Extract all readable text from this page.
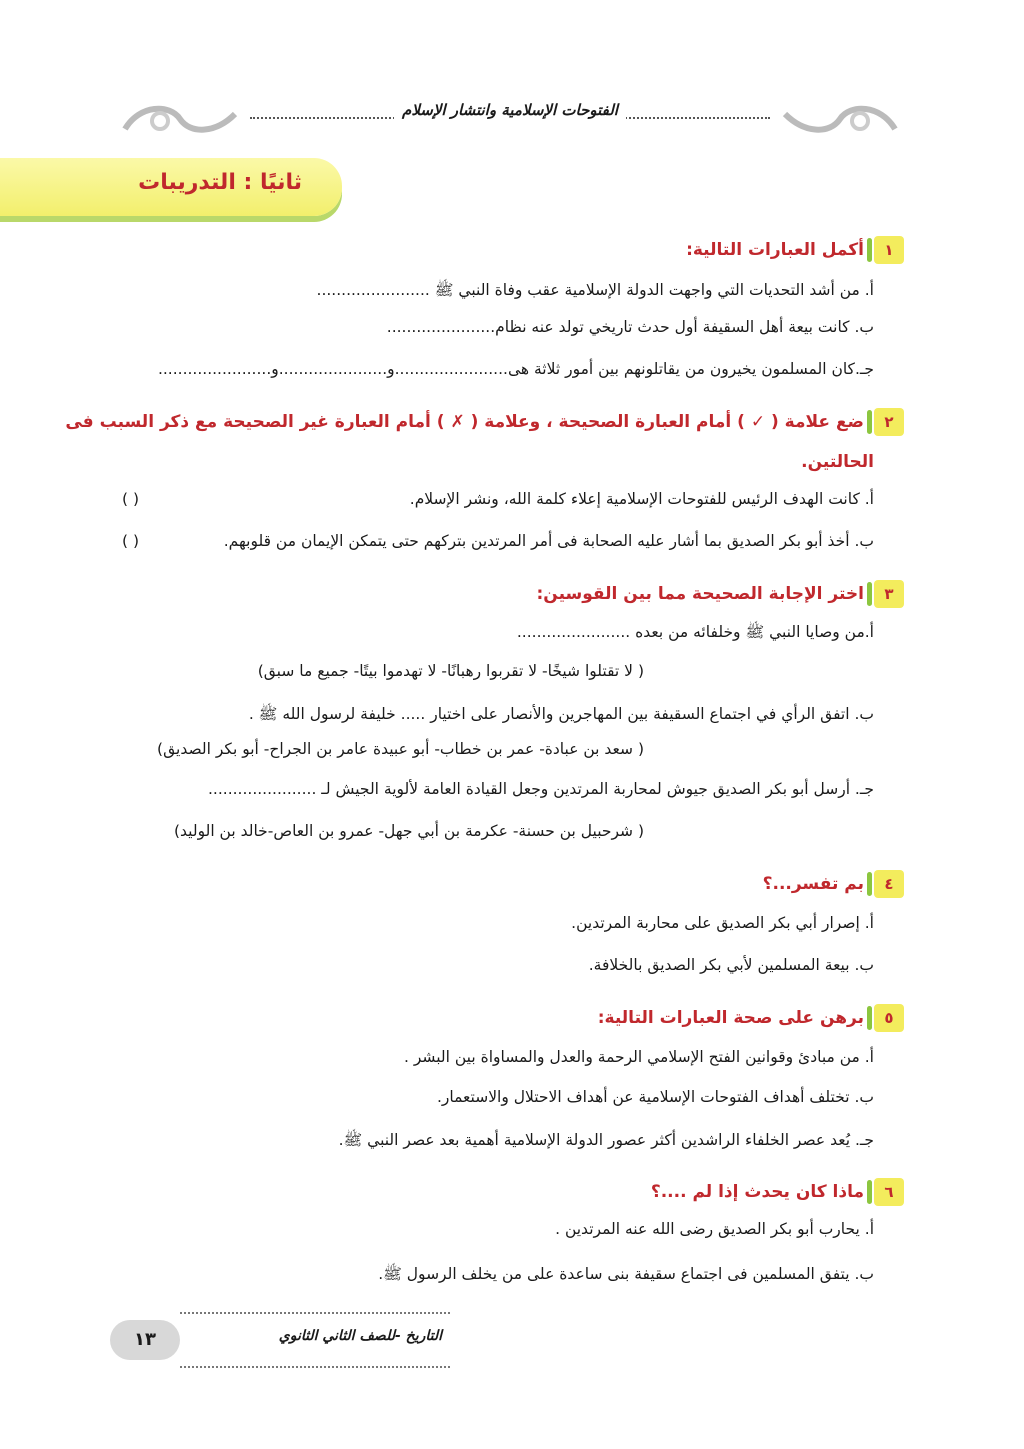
الفتوحات الإسلامية وانتشار الإسلام
ثانيًا : التدريبات
١
أكمل العبارات التالية:
أ. من أشد التحديات التي واجهت الدولة الإسلامية عقب وفاة النبي ﷺ .......................
ب. كانت بيعة أهل السقيفة أول حدث تاريخي تولد عنه نظام......................
جـ.كان المسلمون يخيرون من يقاتلونهم بين أمور ثلاثة هى.......................و......................و.......................
٢
ضع علامة ( ✓ ) أمام العبارة الصحيحة ، وعلامة ( ✗ ) أمام العبارة غير الصحيحة مع ذكر السبب فى
الحالتين.
أ. كانت الهدف الرئيس للفتوحات الإسلامية إعلاء كلمة الله، ونشر الإسلام.
( )
ب. أخذ أبو بكر الصديق بما أشار عليه الصحابة فى أمر المرتدين بتركهم حتى يتمكن الإيمان من قلوبهم.
( )
٣
اختر الإجابة الصحيحة مما بين القوسين:
أ.من وصايا النبي ﷺ وخلفائه من بعده .......................
( لا تقتلوا شيخًا- لا تقربوا رهبانًا- لا تهدموا بيتًا- جميع ما سبق)
ب. اتفق الرأي في اجتماع السقيفة بين المهاجرين والأنصار على اختيار ..... خليفة لرسول الله ﷺ .
( سعد بن عبادة- عمر بن خطاب- أبو عبيدة عامر بن الجراح- أبو بكر الصديق)
جـ. أرسل أبو بكر الصديق جيوش لمحاربة المرتدين وجعل القيادة العامة لألوية الجيش لـ ......................
( شرحبيل بن حسنة- عكرمة بن أبي جهل- عمرو بن العاص-خالد بن الوليد)
٤
بم تفسر...؟
أ. إصرار أبي بكر الصديق على محاربة المرتدين.
ب. بيعة المسلمين لأبي بكر الصديق بالخلافة.
٥
برهن على صحة العبارات التالية:
أ. من مبادئ وقوانين الفتح الإسلامي الرحمة والعدل والمساواة بين البشر .
ب. تختلف أهداف الفتوحات الإسلامية عن أهداف الاحتلال والاستعمار.
جـ. يُعد عصر الخلفاء الراشدين أكثر عصور الدولة الإسلامية أهمية بعد عصر النبي ﷺ.
٦
ماذا كان يحدث إذا لم ....؟
أ. يحارب أبو بكر الصديق رضى الله عنه المرتدين .
ب. يتفق المسلمين فى اجتماع سقيفة بنى ساعدة على من يخلف الرسول ﷺ.
١٣	التاريخ -للصف الثاني الثانوي
